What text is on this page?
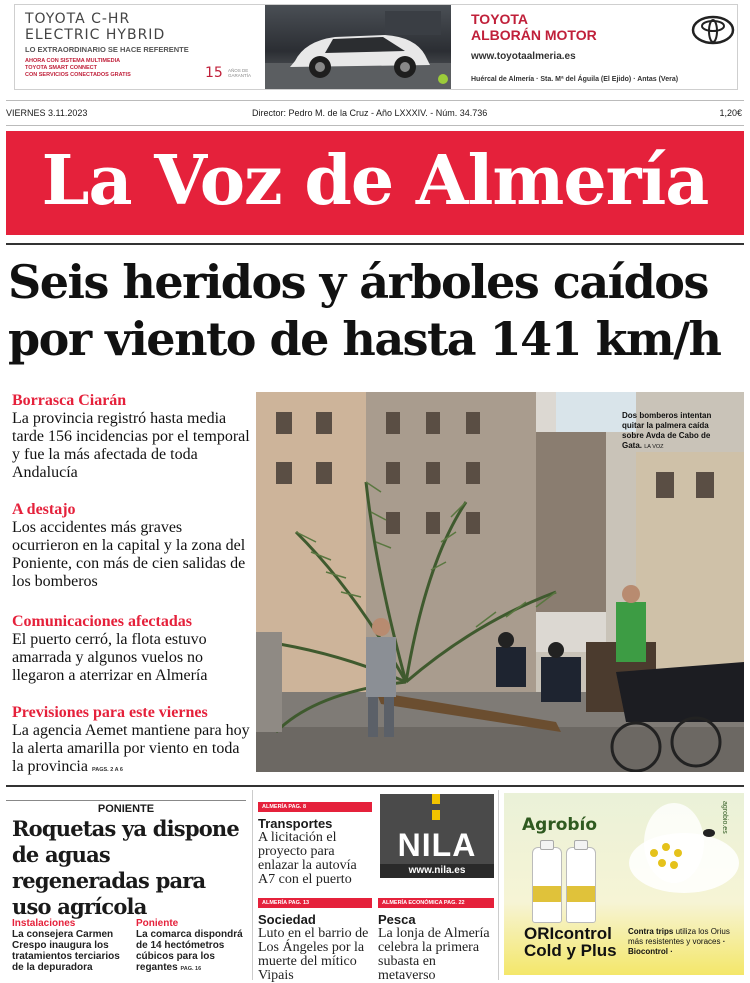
TOYOTA C-HR
ELECTRIC HYBRID
LO EXTRAORDINARIO SE HACE REFERENTE
AHORA CON SISTEMA MULTIMEDIA
TOYOTA SMART CONNECT
CON SERVICIOS CONECTADOS GRATIS	15 AÑOS DE GARANTÍA
TOYOTA
ALBORÁN MOTOR
www.toyotaalmeria.es
Huércal de Almería · Sta. Mª del Águila (El Ejido) · Antas (Vera)
VIERNES 3.11.2023	Director: Pedro M. de la Cruz - Año LXXXIV. - Núm. 34.736	1,20€
La Voz de Almería
Seis heridos y árboles caídos por viento de hasta 141 km/h
Borrasca Ciarán
La provincia registró hasta media tarde 156 incidencias por el temporal y fue la más afectada de toda Andalucía
A destajo
Los accidentes más graves ocurrieron en la capital y la zona del Poniente, con más de cien salidas de los bomberos
Comunicaciones afectadas
El puerto cerró, la flota estuvo amarrada y algunos vuelos no llegaron a aterrizar en Almería
Previsiones para este viernes
La agencia Aemet mantiene para hoy la alerta amarilla por viento en toda la provincia PAGS. 2 A 6
Dos bomberos intentan quitar la palmera caída sobre Avda de Cabo de Gata. LA VOZ
PONIENTE
Roquetas ya dispone de aguas regeneradas para uso agrícola
Instalaciones
La consejera Carmen Crespo inaugura los tratamientos terciarios de la depuradora
Poniente
La comarca dispondrá de 14 hectómetros cúbicos para los regantes PAG. 16
ALMERÍA PAG. 8
Transportes
A licitación el proyecto para enlazar la autovía A7 con el puerto
ALMERÍA PAG. 13
Sociedad
Luto en el barrio de Los Ángeles por la muerte del mítico Vipais
ALMERÍA ECONÓMICA PAG. 22
Pesca
La lonja de Almería celebra la primera subasta en metaverso
NILA
www.nila.es
Agrobío
ORIcontrol
Cold y Plus
Contra trips utiliza los Orius más resistentes y voraces · Biocontrol ·
agrobio.es
